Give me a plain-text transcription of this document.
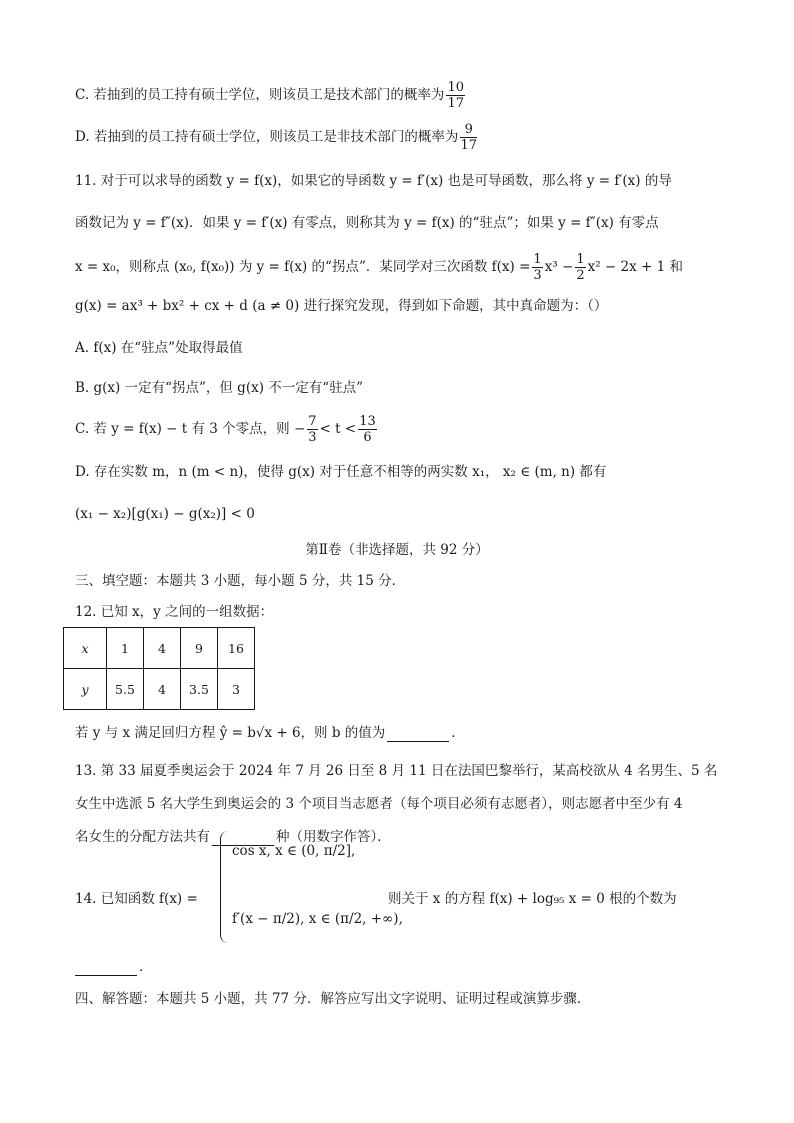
C. 若抽到的员工持有硕士学位，则该员工是技术部门的概率为 $\frac{10}{17}$
D. 若抽到的员工持有硕士学位，则该员工是非技术部门的概率为 $\frac{9}{17}$
11. 对于可以求导的函数 y = f(x)，如果它的导函数 y = f′(x) 也是可导函数，那么将 y = f′(x) 的导
函数记为 y = f″(x)．如果 y = f′(x) 有零点，则称其为 y = f(x) 的“驻点”；如果 y = f″(x) 有零点
x = x₀，则称点 (x₀, f(x₀)) 为 y = f(x) 的“拐点”．某同学对三次函数 $f(x) = \frac{1}{3} x^3 - \frac{1}{2} x^2 - 2x + 1$ 和
g(x) = ax³ + bx² + cx + d (a ≠ 0) 进行探究发现，得到如下命题，其中真命题为：（）
A. f(x) 在“驻点”处取得最值
B. g(x) 一定有“拐点”，但 g(x) 不一定有“驻点”
C. 若 y = f(x) − t 有 3 个零点，则 − $\frac{7}{3} < t < \frac{13}{6}$
D. 存在实数 m，n (m < n)，使得 g(x) 对于任意不相等的两实数 x₁， x₂ ∈ (m, n) 都有
(x₁ − x₂)[g(x₁) − g(x₂)] < 0
第Ⅱ卷（非选择题，共 92 分）
三、填空题：本题共 3 小题，每小题 5 分，共 15 分．
12. 已知 x，y 之间的一组数据：
x	1	4	9	16
y	5.5	4	3.5	3
若 y 与 x 满足回归方程 ŷ = b√x + 6，则 b 的值为	．
13. 第 33 届夏季奥运会于 2024 年 7 月 26 日至 8 月 11 日在法国巴黎举行，某高校欲从 4 名男生、5 名
女生中选派 5 名大学生到奥运会的 3 个项目当志愿者（每个项目必须有志愿者），则志愿者中至少有 4
名女生的分配方法共有	种（用数字作答）．
14. 已知函数 f(x) =
cos x, x ∈ (0, π/2],
f′(x − π/2), x ∈ (π/2, +∞),
则关于 x 的方程 f(x) + log₉₅ x = 0 根的个数为
．
四、解答题：本题共 5 小题，共 77 分．解答应写出文字说明、证明过程或演算步骤．
